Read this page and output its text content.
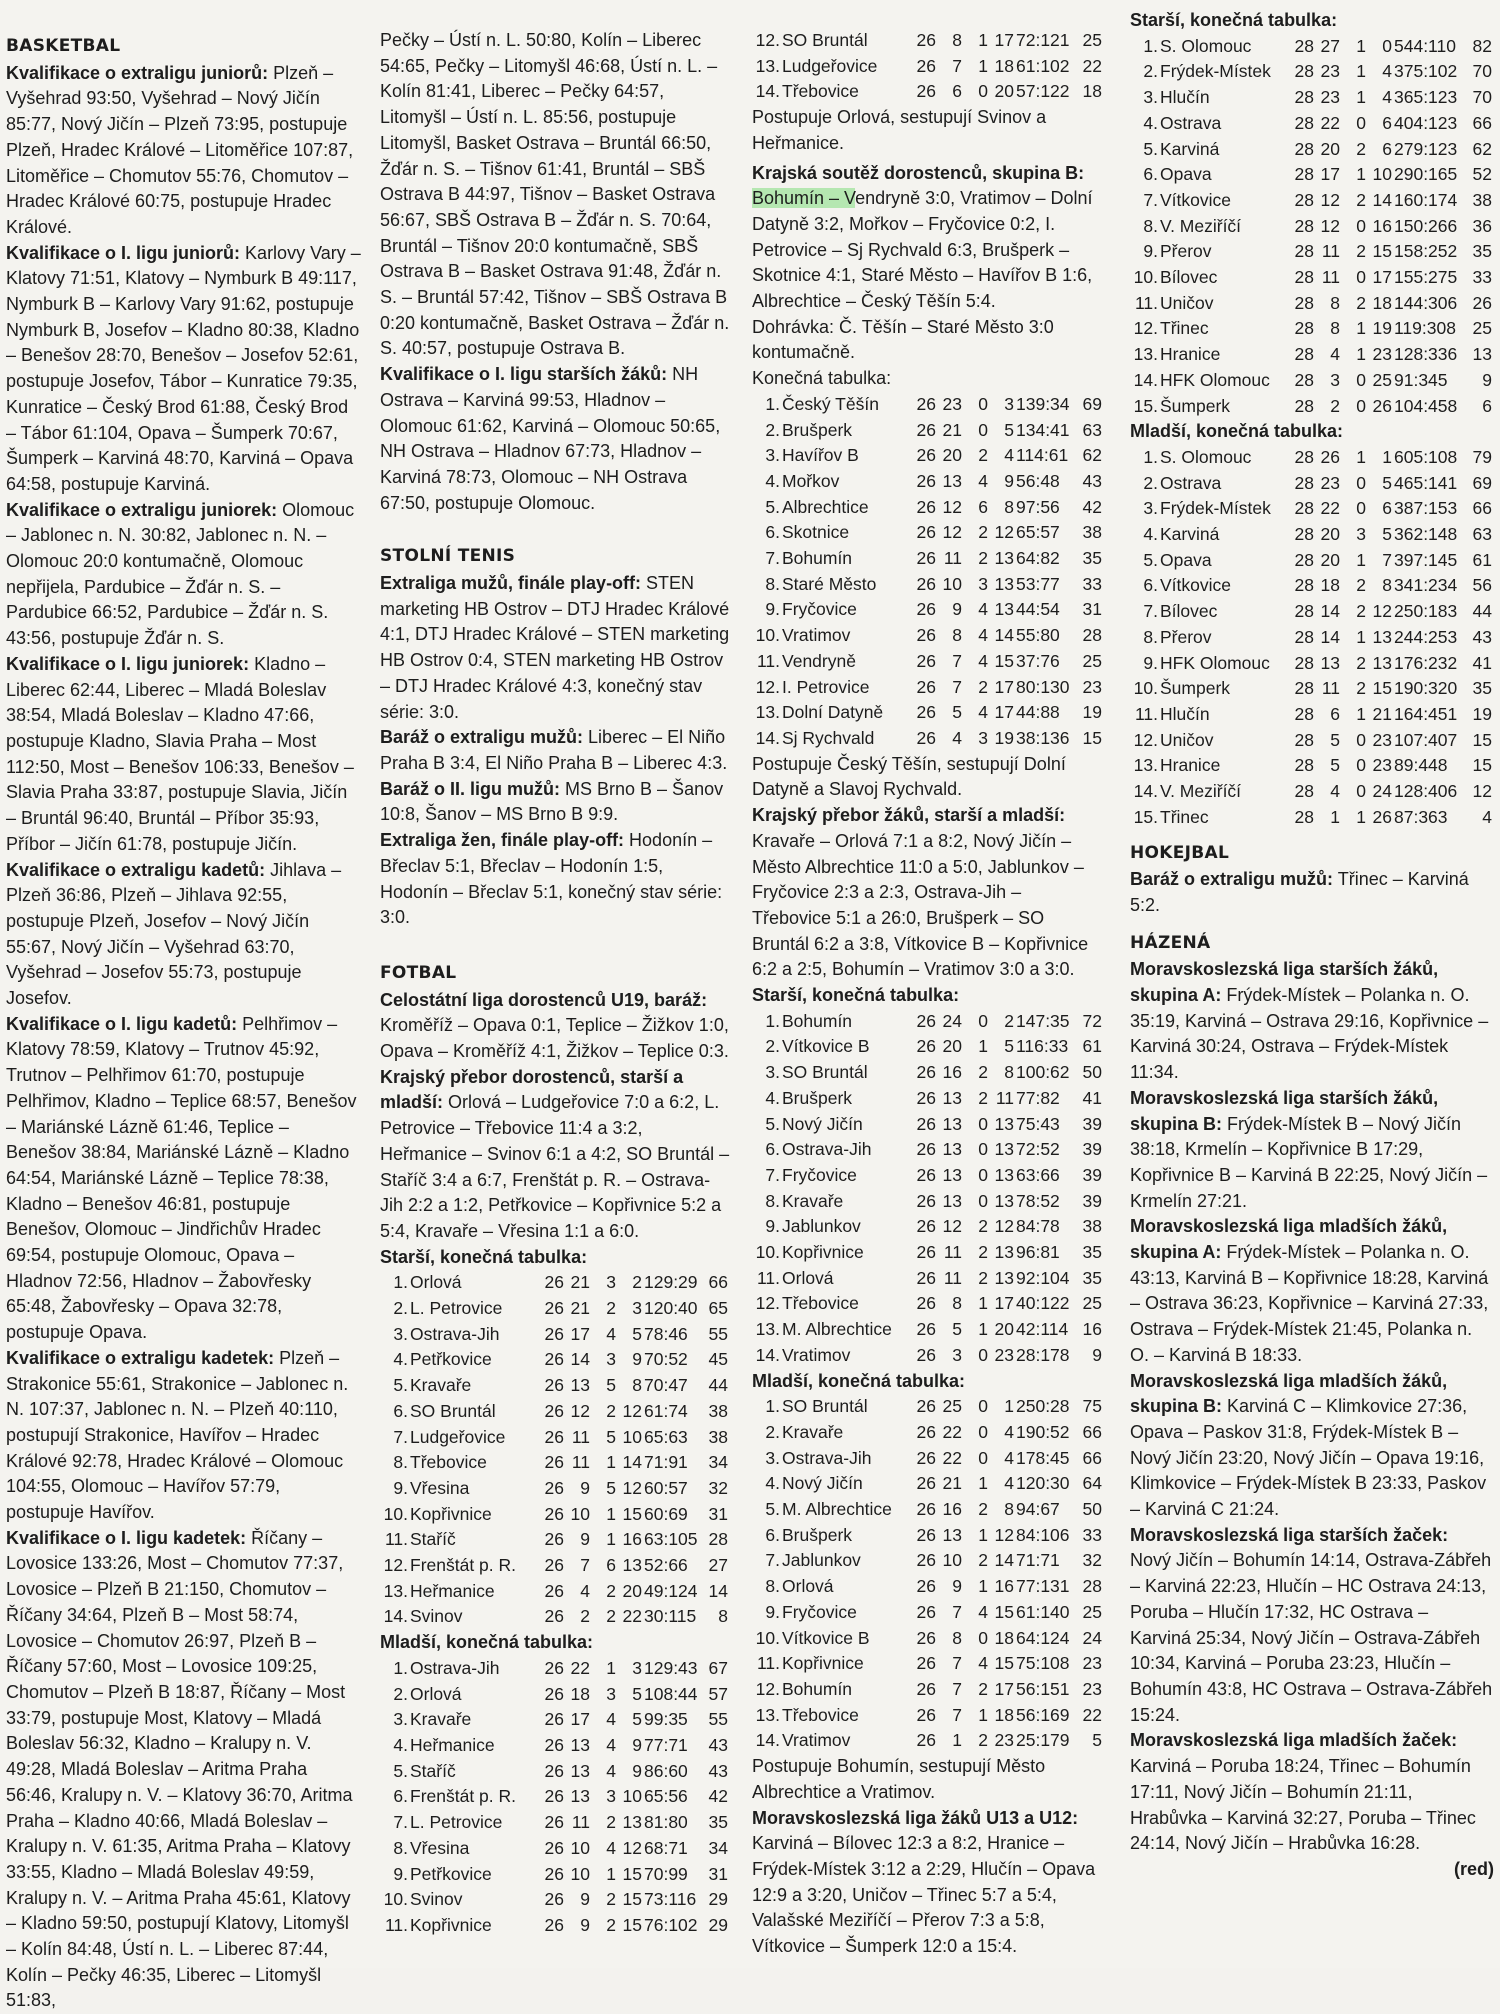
BASKETBAL

Kvalifikace o extraligu juniorů: Plzeň – Vyšehrad 93:50, Vyšehrad – Nový Jičín 85:77, Nový Jičín – Plzeň 73:95, postupuje Plzeň, Hradec Králové – Litoměřice 107:87, Litoměřice – Chomutov 55:76, Chomutov – Hradec Králové 60:75, postupuje Hradec Králové.

Kvalifikace o I. ligu juniorů: Karlovy Vary – Klatovy 71:51, Klatovy – Nymburk B 49:117, Nymburk B – Karlovy Vary 91:62, postupuje Nymburk B, Josefov – Kladno 80:38, Kladno – Benešov 28:70, Benešov – Josefov 52:61, postupuje Josefov, Tábor – Kunratice 79:35, Kunratice – Český Brod 61:88, Český Brod – Tábor 61:104, Opava – Šumperk 70:67, Šumperk – Karviná 48:70, Karviná – Opava 64:58, postupuje Karviná.

Kvalifikace o extraligu juniorek: Olomouc – Jablonec n. N. 30:82, Jablonec n. N. – Olomouc 20:0 kontumačně, Olomouc nepřijela, Pardubice – Žďár n. S. – Pardubice 66:52, Pardubice – Žďár n. S. 43:56, postupuje Žďár n. S.

Kvalifikace o I. ligu juniorek: Kladno – Liberec 62:44, Liberec – Mladá Boleslav 38:54, Mladá Boleslav – Kladno 47:66, postupuje Kladno, Slavia Praha – Most 112:50, Most – Benešov 106:33, Benešov – Slavia Praha 33:87, postupuje Slavia, Jičín – Bruntál 96:40, Bruntál – Příbor 35:93, Příbor – Jičín 61:78, postupuje Jičín.

Kvalifikace o extraligu kadetů: Jihlava – Plzeň 36:86, Plzeň – Jihlava 92:55, postupuje Plzeň, Josefov – Nový Jičín 55:67, Nový Jičín – Vyšehrad 63:70, Vyšehrad – Josefov 55:73, postupuje Josefov.

Kvalifikace o I. ligu kadetů: Pelhřimov – Klatovy 78:59, Klatovy – Trutnov 45:92, Trutnov – Pelhřimov 61:70, postupuje Pelhřimov, Kladno – Teplice 68:57, Benešov – Mariánské Lázně 61:46, Teplice – Benešov 38:84, Mariánské Lázně – Kladno 64:54, Mariánské Lázně – Teplice 78:38, Kladno – Benešov 46:81, postupuje Benešov, Olomouc – Jindřichův Hradec 69:54, postupuje Olomouc, Opava – Hladnov 72:56, Hladnov – Žabovřesky 65:48, Žabovřesky – Opava 32:78, postupuje Opava.

Kvalifikace o extraligu kadetek: Plzeň – Strakonice 55:61, Strakonice – Jablonec n. N. 107:37, Jablonec n. N. – Plzeň 40:110, postupují Strakonice, Havířov – Hradec Králové 92:78, Hradec Králové – Olomouc 104:55, Olomouc – Havířov 57:79, postupuje Havířov.

Kvalifikace o I. ligu kadetek: Říčany – Lovosice 133:26, Most – Chomutov 77:37, Lovosice – Plzeň B 21:150, Chomutov – Říčany 34:64, Plzeň B – Most 58:74, Lovosice – Chomutov 26:97, Plzeň B – Říčany 57:60, Most – Lovosice 109:25, Chomutov – Plzeň B 18:87, Říčany – Most 33:79, postupuje Most, Klatovy – Mladá Boleslav 56:32, Kladno – Kralupy n. V. 49:28, Mladá Boleslav – Aritma Praha 56:46, Kralupy n. V. – Klatovy 36:70, Aritma Praha – Kladno 40:66, Mladá Boleslav – Kralupy n. V. 61:35, Aritma Praha – Klatovy 33:55, Kladno – Mladá Boleslav 49:59, Kralupy n. V. – Aritma Praha 45:61, Klatovy – Kladno 59:50, postupují Klatovy, Litomyšl – Kolín 84:48, Ústí n. L. – Liberec 87:44, Kolín – Pečky 46:35, Liberec – Litomyšl 51:83,

Pečky – Ústí n. L. 50:80, Kolín – Liberec 54:65, Pečky – Litomyšl 46:68, Ústí n. L. – Kolín 81:41, Liberec – Pečky 64:57, Litomyšl – Ústí n. L. 85:56, postupuje Litomyšl, Basket Ostrava – Bruntál 66:50, Žďár n. S. – Tišnov 61:41, Bruntál – SBŠ Ostrava B 44:97, Tišnov – Basket Ostrava 56:67, SBŠ Ostrava B – Žďár n. S. 70:64, Bruntál – Tišnov 20:0 kontumačně, SBŠ Ostrava B – Basket Ostrava 91:48, Žďár n. S. – Bruntál 57:42, Tišnov – SBŠ Ostrava B 0:20 kontumačně, Basket Ostrava – Žďár n. S. 40:57, postupuje Ostrava B.

Kvalifikace o I. ligu starších žáků: NH Ostrava – Karviná 99:53, Hladnov – Olomouc 61:62, Karviná – Olomouc 50:65, NH Ostrava – Hladnov 67:73, Hladnov – Karviná 78:73, Olomouc – NH Ostrava 67:50, postupuje Olomouc.

STOLNÍ TENIS

Extraliga mužů, finále play-off: STEN marketing HB Ostrov – DTJ Hradec Králové 4:1, DTJ Hradec Králové – STEN marketing HB Ostrov 0:4, STEN marketing HB Ostrov – DTJ Hradec Králové 4:3, konečný stav série: 3:0.

Baráž o extraligu mužů: Liberec – El Niño Praha B 3:4, El Niño Praha B – Liberec 4:3.

Baráž o II. ligu mužů: MS Brno B – Šanov 10:8, Šanov – MS Brno B 9:9.

Extraliga žen, finále play-off: Hodonín – Břeclav 5:1, Břeclav – Hodonín 1:5, Hodonín – Břeclav 5:1, konečný stav série: 3:0.

FOTBAL

Celostátní liga dorostenců U19, baráž: Kroměříž – Opava 0:1, Teplice – Žižkov 1:0, Opava – Kroměříž 4:1, Žižkov – Teplice 0:3.

Krajský přebor dorostenců, starší a mladší: Orlová – Ludgeřovice 7:0 a 6:2, L. Petrovice – Třebovice 11:4 a 3:2, Heřmanice – Svinov 6:1 a 4:2, SO Bruntál – Staříč 3:4 a 6:7, Frenštát p. R. – Ostrava-Jih 2:2 a 1:2, Petřkovice – Kopřivnice 5:2 a 5:4, Kravaře – Vřesina 1:1 a 6:0.

Starší, konečná tabulka:

1.	Orlová	26	21	3	2	129:29	66
2.	L. Petrovice	26	21	2	3	120:40	65
3.	Ostrava-Jih	26	17	4	5	78:46	55
4.	Petřkovice	26	14	3	9	70:52	45
5.	Kravaře	26	13	5	8	70:47	44
6.	SO Bruntál	26	12	2	12	61:74	38
7.	Ludgeřovice	26	11	5	10	65:63	38
8.	Třebovice	26	11	1	14	71:91	34
9.	Vřesina	26	9	5	12	60:57	32
10.	Kopřivnice	26	10	1	15	60:69	31
11.	Staříč	26	9	1	16	63:105	28
12.	Frenštát p. R.	26	7	6	13	52:66	27
13.	Heřmanice	26	4	2	20	49:124	14
14.	Svinov	26	2	2	22	30:115	8

Mladší, konečná tabulka:

1.	Ostrava-Jih	26	22	1	3	129:43	67
2.	Orlová	26	18	3	5	108:44	57
3.	Kravaře	26	17	4	5	99:35	55
4.	Heřmanice	26	13	4	9	77:71	43
5.	Staříč	26	13	4	9	86:60	43
6.	Frenštát p. R.	26	13	3	10	65:56	42
7.	L. Petrovice	26	11	2	13	81:80	35
8.	Vřesina	26	10	4	12	68:71	34
9.	Petřkovice	26	10	1	15	70:99	31
10.	Svinov	26	9	2	15	73:116	29
11.	Kopřivnice	26	9	2	15	76:102	29
12.	SO Bruntál	26	8	1	17	72:121	25
13.	Ludgeřovice	26	7	1	18	61:102	22
14.	Třebovice	26	6	0	20	57:122	18

Postupuje Orlová, sestupují Svinov a Heřmanice.

Krajská soutěž dorostenců, skupina B: Bohumín – Vendryně 3:0, Vratimov – Dolní Datyně 3:2, Mořkov – Fryčovice 0:2, I. Petrovice – Sj Rychvald 6:3, Brušperk – Skotnice 4:1, Staré Město – Havířov B 1:6, Albrechtice – Český Těšín 5:4.

Dohrávka: Č. Těšín – Staré Město 3:0 kontumačně.

Konečná tabulka:

1.	Český Těšín	26	23	0	3	139:34	69
2.	Brušperk	26	21	0	5	134:41	63
3.	Havířov B	26	20	2	4	114:61	62
4.	Mořkov	26	13	4	9	56:48	43
5.	Albrechtice	26	12	6	8	97:56	42
6.	Skotnice	26	12	2	12	65:57	38
7.	Bohumín	26	11	2	13	64:82	35
8.	Staré Město	26	10	3	13	53:77	33
9.	Fryčovice	26	9	4	13	44:54	31
10.	Vratimov	26	8	4	14	55:80	28
11.	Vendryně	26	7	4	15	37:76	25
12.	I. Petrovice	26	7	2	17	80:130	23
13.	Dolní Datyně	26	5	4	17	44:88	19
14.	Sj Rychvald	26	4	3	19	38:136	15

Postupuje Český Těšín, sestupují Dolní Datyně a Slavoj Rychvald.

Krajský přebor žáků, starší a mladší: Kravaře – Orlová 7:1 a 8:2, Nový Jičín – Město Albrechtice 11:0 a 5:0, Jablunkov – Fryčovice 2:3 a 2:3, Ostrava-Jih – Třebovice 5:1 a 26:0, Brušperk – SO Bruntál 6:2 a 3:8, Vítkovice B – Kopřivnice 6:2 a 2:5, Bohumín – Vratimov 3:0 a 3:0.

Starší, konečná tabulka:

1.	Bohumín	26	24	0	2	147:35	72
2.	Vítkovice B	26	20	1	5	116:33	61
3.	SO Bruntál	26	16	2	8	100:62	50
4.	Brušperk	26	13	2	11	77:82	41
5.	Nový Jičín	26	13	0	13	75:43	39
6.	Ostrava-Jih	26	13	0	13	72:52	39
7.	Fryčovice	26	13	0	13	63:66	39
8.	Kravaře	26	13	0	13	78:52	39
9.	Jablunkov	26	12	2	12	84:78	38
10.	Kopřivnice	26	11	2	13	96:81	35
11.	Orlová	26	11	2	13	92:104	35
12.	Třebovice	26	8	1	17	40:122	25
13.	M. Albrechtice	26	5	1	20	42:114	16
14.	Vratimov	26	3	0	23	28:178	9

Mladší, konečná tabulka:

1.	SO Bruntál	26	25	0	1	250:28	75
2.	Kravaře	26	22	0	4	190:52	66
3.	Ostrava-Jih	26	22	0	4	178:45	66
4.	Nový Jičín	26	21	1	4	120:30	64
5.	M. Albrechtice	26	16	2	8	94:67	50
6.	Brušperk	26	13	1	12	84:106	33
7.	Jablunkov	26	10	2	14	71:71	32
8.	Orlová	26	9	1	16	77:131	28
9.	Fryčovice	26	7	4	15	61:140	25
10.	Vítkovice B	26	8	0	18	64:124	24
11.	Kopřivnice	26	7	4	15	75:108	23
12.	Bohumín	26	7	2	17	56:151	23
13.	Třebovice	26	7	1	18	56:169	22
14.	Vratimov	26	1	2	23	25:179	5

Postupuje Bohumín, sestupují Město Albrechtice a Vratimov.

Moravskoslezská liga žáků U13 a U12: Karviná – Bílovec 12:3 a 8:2, Hranice – Frýdek-Místek 3:12 a 2:29, Hlučín – Opava 12:9 a 3:20, Uničov – Třinec 5:7 a 5:4, Valašské Meziříčí – Přerov 7:3 a 5:8, Vítkovice – Šumperk 12:0 a 15:4.

Starší, konečná tabulka:

1.	S. Olomouc	28	27	1	0	544:110	82
2.	Frýdek-Místek	28	23	1	4	375:102	70
3.	Hlučín	28	23	1	4	365:123	70
4.	Ostrava	28	22	0	6	404:123	66
5.	Karviná	28	20	2	6	279:123	62
6.	Opava	28	17	1	10	290:165	52
7.	Vítkovice	28	12	2	14	160:174	38
8.	V. Meziříčí	28	12	0	16	150:266	36
9.	Přerov	28	11	2	15	158:252	35
10.	Bílovec	28	11	0	17	155:275	33
11.	Uničov	28	8	2	18	144:306	26
12.	Třinec	28	8	1	19	119:308	25
13.	Hranice	28	4	1	23	128:336	13
14.	HFK Olomouc	28	3	0	25	91:345	9
15.	Šumperk	28	2	0	26	104:458	6

Mladší, konečná tabulka:

1.	S. Olomouc	28	26	1	1	605:108	79
2.	Ostrava	28	23	0	5	465:141	69
3.	Frýdek-Místek	28	22	0	6	387:153	66
4.	Karviná	28	20	3	5	362:148	63
5.	Opava	28	20	1	7	397:145	61
6.	Vítkovice	28	18	2	8	341:234	56
7.	Bílovec	28	14	2	12	250:183	44
8.	Přerov	28	14	1	13	244:253	43
9.	HFK Olomouc	28	13	2	13	176:232	41
10.	Šumperk	28	11	2	15	190:320	35
11.	Hlučín	28	6	1	21	164:451	19
12.	Uničov	28	5	0	23	107:407	15
13.	Hranice	28	5	0	23	89:448	15
14.	V. Meziříčí	28	4	0	24	128:406	12
15.	Třinec	28	1	1	26	87:363	4
HOKEJBAL

Baráž o extraligu mužů: Třinec – Karviná 5:2.

HÁZENÁ

Moravskoslezská liga starších žáků, skupina A: Frýdek-Místek – Polanka n. O. 35:19, Karviná – Ostrava 29:16, Kopřivnice – Karviná 30:24, Ostrava – Frýdek-Místek 11:34.

Moravskoslezská liga starších žáků, skupina B: Frýdek-Místek B – Nový Jičín 38:18, Krmelín – Kopřivnice B 17:29, Kopřivnice B – Karviná B 22:25, Nový Jičín – Krmelín 27:21.

Moravskoslezská liga mladších žáků, skupina A: Frýdek-Místek – Polanka n. O. 43:13, Karviná B – Kopřivnice 18:28, Karviná – Ostrava 36:23, Kopřivnice – Karviná 27:33, Ostrava – Frýdek-Místek 21:45, Polanka n. O. – Karviná B 18:33.

Moravskoslezská liga mladších žáků, skupina B: Karviná C – Klimkovice 27:36, Opava – Paskov 31:8, Frýdek-Místek B – Nový Jičín 23:20, Nový Jičín – Opava 19:16, Klimkovice – Frýdek-Místek B 23:33, Paskov – Karviná C 21:24.

Moravskoslezská liga starších žaček: Nový Jičín – Bohumín 14:14, Ostrava-Zábřeh – Karviná 22:23, Hlučín – HC Ostrava 24:13, Poruba – Hlučín 17:32, HC Ostrava – Karviná 25:34, Nový Jičín – Ostrava-Zábřeh 10:34, Karviná – Poruba 23:23, Hlučín – Bohumín 43:8, HC Ostrava – Ostrava-Zábřeh 15:24.

Moravskoslezská liga mladších žaček: Karviná – Poruba 18:24, Třinec – Bohumín 17:11, Nový Jičín – Bohumín 21:11, Hrabůvka – Karviná 32:27, Poruba – Třinec 24:14, Nový Jičín – Hrabůvka 16:28.

(red)
